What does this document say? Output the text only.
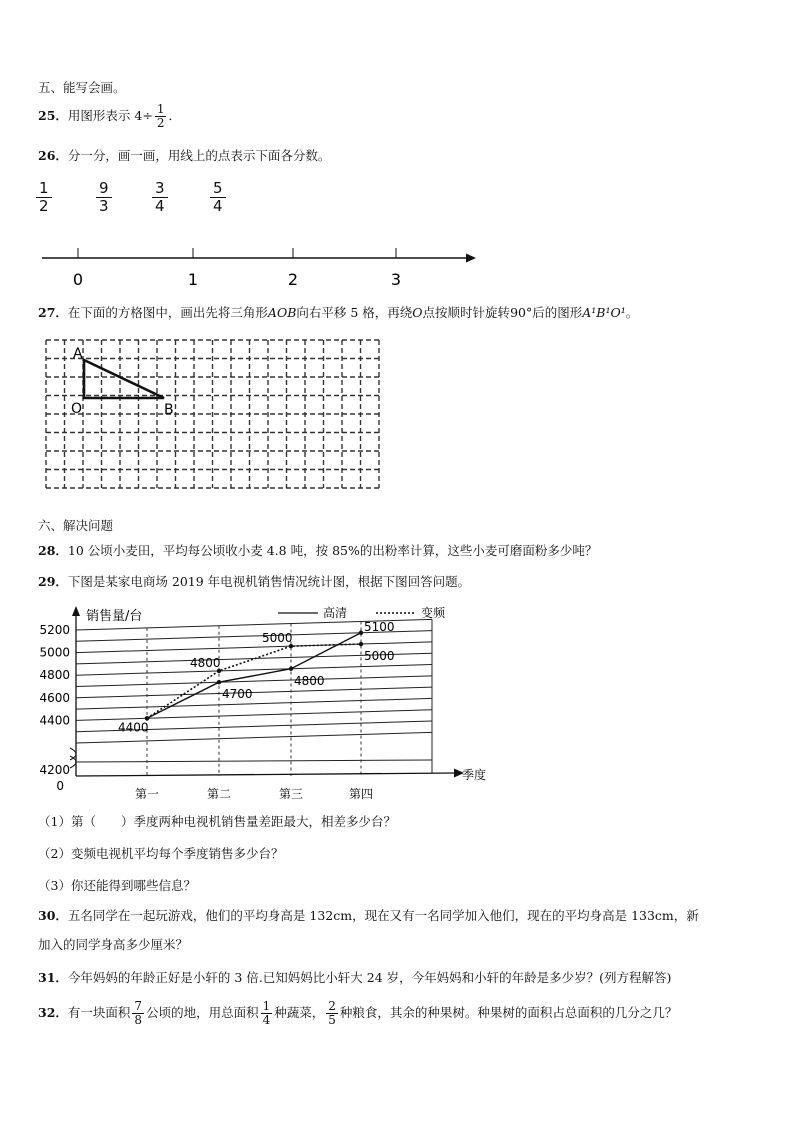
五、能写会画。
25．用图形表示 $4\div \frac{1}{2}$ ．
26．分一分，画一画，用线上的点表示下面各分数。
$\frac{1}{2}$	$\frac{9}{3}$	$\frac{3}{4}$	$\frac{5}{4}$
0	1	2	3
27．在下面的方格图中，画出先将三角形AOB向右平移 5 格，再绕O点按顺时针旋转90°后的图形A¹B¹O¹。
A
O	B
六、解决问题
28．10 公顷小麦田，平均每公顷收小麦 4.8 吨，按 85%的出粉率计算，这些小麦可磨面粉多少吨？
29．下图是某家电商场 2019 年电视机销售情况统计图，根据下图回答问题。
销售量/台
季度
0
高清	变频
5200
5000
4800
4600
4400
4200
第一	第二	第三	第四
4400
4800
4700
5000
4800
5100
5000
（1）第（　　）季度两种电视机销售量差距最大，相差多少台？
（2）变频电视机平均每个季度销售多少台？
（3）你还能得到哪些信息？
30．五名同学在一起玩游戏，他们的平均身高是 132cm，现在又有一名同学加入他们，现在的平均身高是 133cm，新
加入的同学身高多少厘米？
31．今年妈妈的年龄正好是小轩的 3 倍.已知妈妈比小轩大 24 岁，今年妈妈和小轩的年龄是多少岁？(列方程解答)
32．有一块面积 $\frac{7}{8}$ 公顷的地，用总面积 $\frac{1}{4}$ 种蔬菜， $\frac{2}{5}$ 种粮食，其余的种果树。种果树的面积占总面积的几分之几？
